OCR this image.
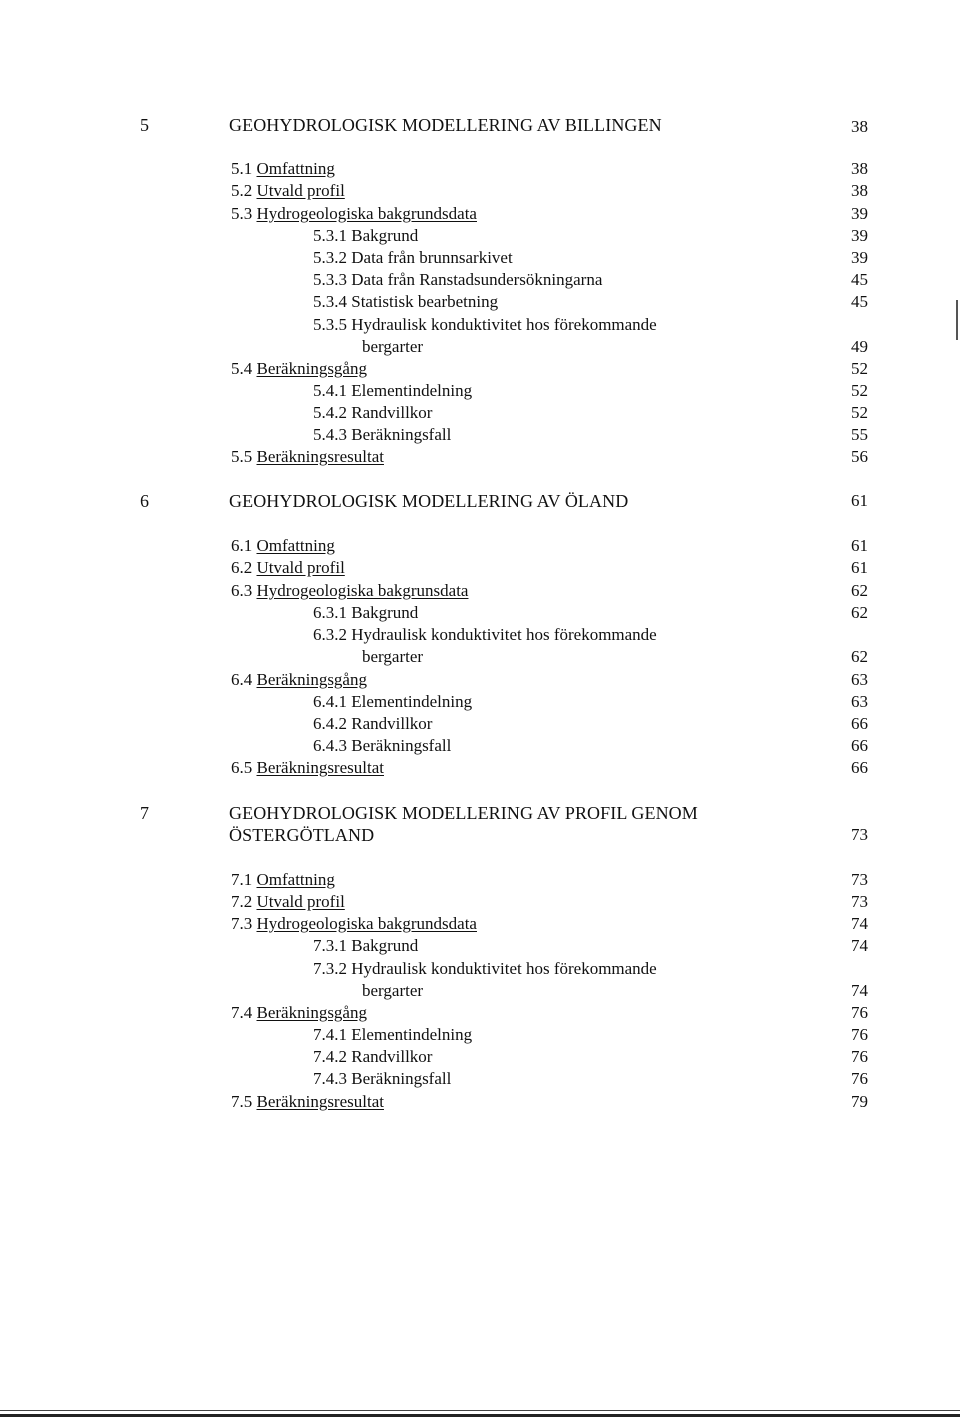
5	GEOHYDROLOGISK MODELLERING AV BILLINGEN	38
5.1 Omfattning	38
5.2 Utvald profil	38
5.3 Hydrogeologiska bakgrundsdata	39
5.3.1 Bakgrund	39
5.3.2 Data från brunnsarkivet	39
5.3.3 Data från Ranstadsundersökningarna	45
5.3.4 Statistisk bearbetning	45
5.3.5 Hydraulisk konduktivitet hos förekommande
bergarter	49
5.4 Beräkningsgång	52
5.4.1 Elementindelning	52
5.4.2 Randvillkor	52
5.4.3 Beräkningsfall	55
5.5 Beräkningsresultat	56
6	GEOHYDROLOGISK MODELLERING AV ÖLAND	61
6.1 Omfattning	61
6.2 Utvald profil	61
6.3 Hydrogeologiska bakgrunsdata	62
6.3.1 Bakgrund	62
6.3.2 Hydraulisk konduktivitet hos förekommande
bergarter	62
6.4 Beräkningsgång	63
6.4.1 Elementindelning	63
6.4.2 Randvillkor	66
6.4.3 Beräkningsfall	66
6.5 Beräkningsresultat	66
7	GEOHYDROLOGISK MODELLERING AV PROFIL GENOM
ÖSTERGÖTLAND	73
7.1 Omfattning	73
7.2 Utvald profil	73
7.3 Hydrogeologiska bakgrundsdata	74
7.3.1 Bakgrund	74
7.3.2 Hydraulisk konduktivitet hos förekommande
bergarter	74
7.4 Beräkningsgång	76
7.4.1 Elementindelning	76
7.4.2 Randvillkor	76
7.4.3 Beräkningsfall	76
7.5 Beräkningsresultat	79
